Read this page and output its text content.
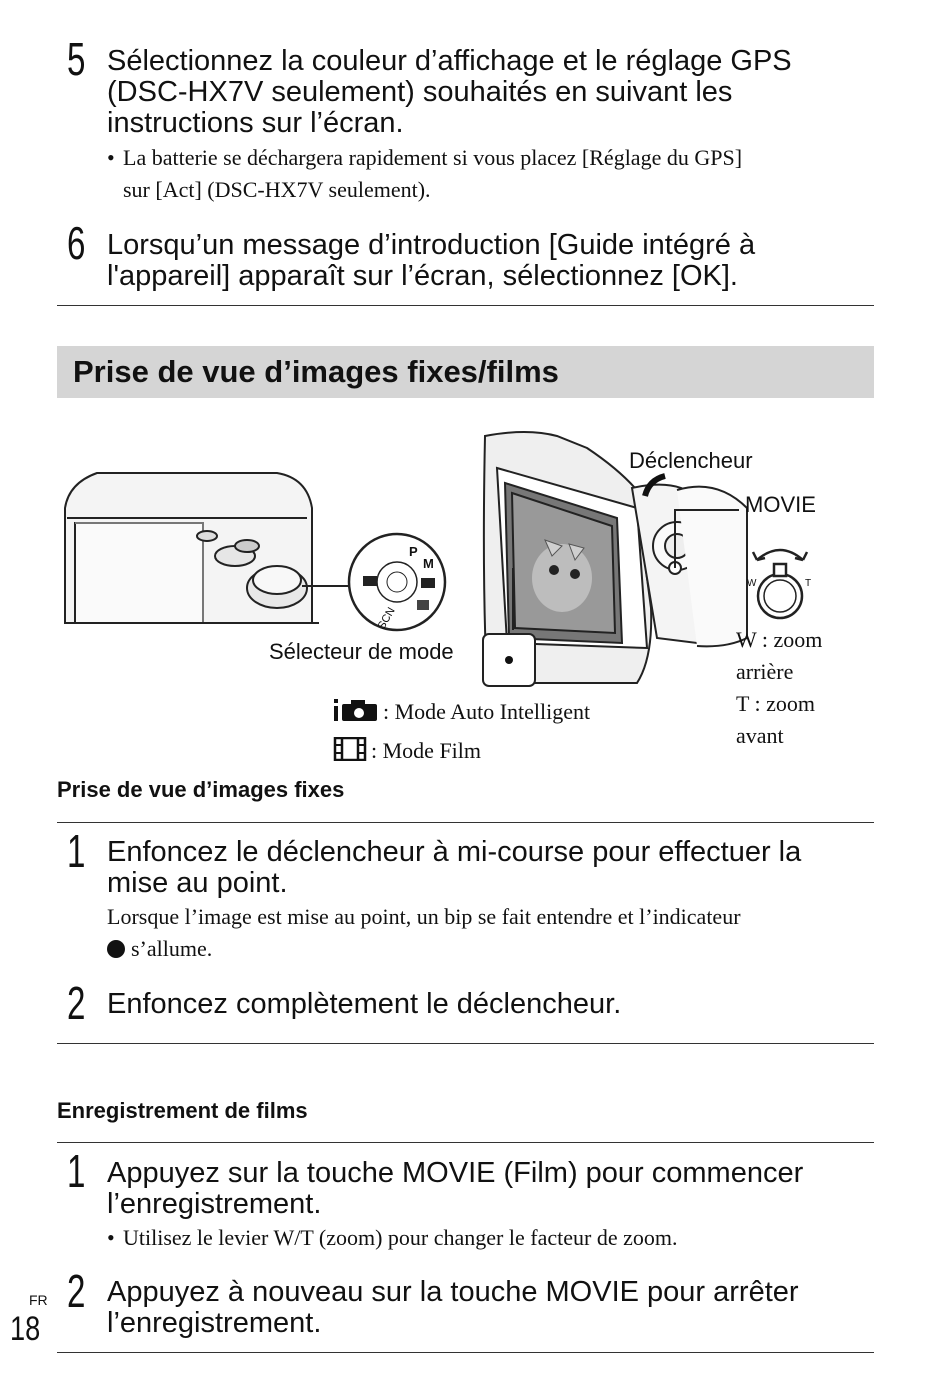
5 Sélectionnez la couleur d’affichage et le réglage GPS
(DSC-HX7V seulement) souhaités en suivant les
instructions sur l’écran.
• La batterie se déchargera rapidement si vous placez [Réglage du GPS]
sur [Act] (DSC-HX7V seulement).
6 Lorsqu’un message d’introduction [Guide intégré à
l'appareil] apparaît sur l’écran, sélectionnez [OK].
Prise de vue d’images fixes/films
P
M
SCN
W	T
Déclencheur
MOVIE
Sélecteur de mode	W : zoom
arrière
T : zoom
avant
: Mode Auto Intelligent
: Mode Film
Prise de vue d’images fixes
1 Enfoncez le déclencheur à mi-course pour effectuer la
mise au point.
Lorsque l’image est mise au point, un bip se fait entendre et l’indicateur
s’allume.
2 Enfoncez complètement le déclencheur.
Enregistrement de films
1 Appuyez sur la touche MOVIE (Film) pour commencer
l’enregistrement.
• Utilisez le levier W/T (zoom) pour changer le facteur de zoom.
2 Appuyez à nouveau sur la touche MOVIE pour arrêter
l’enregistrement.
FR
18
